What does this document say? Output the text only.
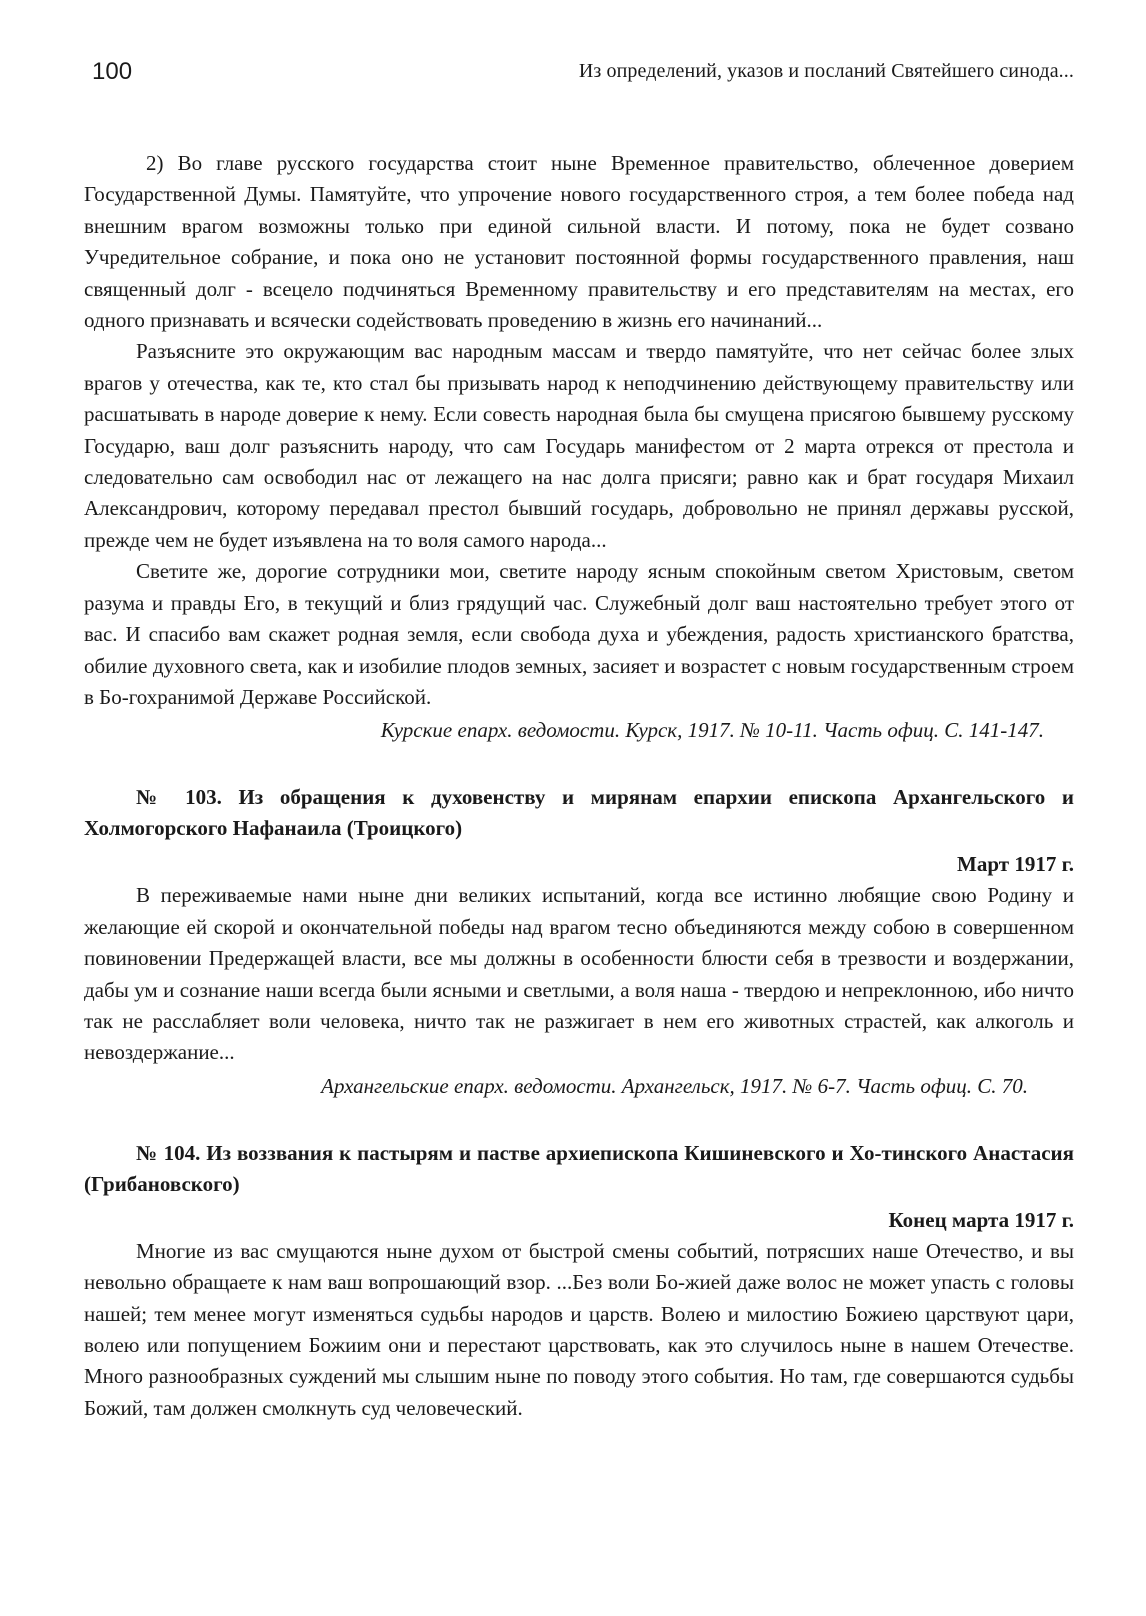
100	Из определений, указов и посланий Святейшего синода...

2) Во главе русского государства стоит ныне Временное правительство, облеченное доверием Государственной Думы. Памятуйте, что упрочение нового государственного строя, а тем более победа над внешним врагом возможны только при единой сильной власти. И потому, пока не будет созвано Учредительное собрание, и пока оно не установит постоянной формы государственного правления, наш священный долг - всецело подчиняться Временному правительству и его представителям на местах, его одного признавать и всячески содействовать проведению в жизнь его начинаний...

Разъясните это окружающим вас народным массам и твердо памятуйте, что нет сейчас более злых врагов у отечества, как те, кто стал бы призывать народ к неподчинению действующему правительству или расшатывать в народе доверие к нему. Если совесть народная была бы смущена присягою бывшему русскому Государю, ваш долг разъяснить народу, что сам Государь манифестом от 2 марта отрекся от престола и следовательно сам освободил нас от лежащего на нас долга присяги; равно как и брат государя Михаил Александрович, которому передавал престол бывший государь, добровольно не принял державы русской, прежде чем не будет изъявлена на то воля самого народа...

Светите же, дорогие сотрудники мои, светите народу ясным спокойным светом Христовым, светом разума и правды Его, в текущий и близ грядущий час. Служебный долг ваш настоятельно требует этого от вас. И спасибо вам скажет родная земля, если свобода духа и убеждения, радость христианского братства, обилие духовного света, как и изобилие плодов земных, засияет и возрастет с новым государственным строем в Бо-гохранимой Державе Российской.

Курские епарх. ведомости. Курск, 1917. № 10-11. Часть офиц. С. 141-147.
№ 103. Из обращения к духовенству и мирянам епархии епископа Архангельского и Холмогорского Нафанаила (Троицкого)
Март 1917 г.

В переживаемые нами ныне дни великих испытаний, когда все истинно любящие свою Родину и желающие ей скорой и окончательной победы над врагом тесно объединяются между собою в совершенном повиновении Предержащей власти, все мы должны в особенности блюсти себя в трезвости и воздержании, дабы ум и сознание наши всегда были ясными и светлыми, а воля наша - твердою и непреклонною, ибо ничто так не расслабляет воли человека, ничто так не разжигает в нем его животных страстей, как алкоголь и невоздержание...

Архангельские епарх. ведомости. Архангельск, 1917. № 6-7. Часть офиц. С. 70.
№ 104. Из воззвания к пастырям и пастве архиепископа Кишиневского и Хо-тинского Анастасия (Грибановского)
Конец марта 1917 г.

Многие из вас смущаются ныне духом от быстрой смены событий, потрясших наше Отечество, и вы невольно обращаете к нам ваш вопрошающий взор. ...Без воли Бо-жией даже волос не может упасть с головы нашей; тем менее могут изменяться судьбы народов и царств. Волею и милостию Божиею царствуют цари, волею или попущением Божиим они и перестают царствовать, как это случилось ныне в нашем Отечестве. Много разнообразных суждений мы слышим ныне по поводу этого события. Но там, где совершаются судьбы Божий, там должен смолкнуть суд человеческий.
